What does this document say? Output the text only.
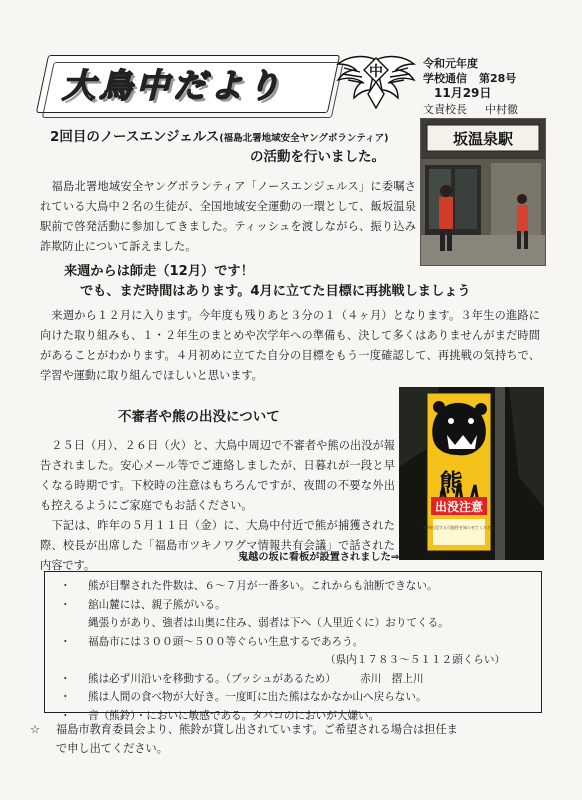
大鳥中だより	中
令和元年度
学校通信 第28号
11月29日
文責校長 中村徹
2回目のノースエンジェルス(福島北署地域安全ヤングボランティア)
の活動を行いました。
　福島北署地域安全ヤングボランティア「ノースエンジェルス」に委嘱されている大鳥中２名の生徒が、全国地域安全運動の一環として、飯坂温泉駅前で啓発活動に参加してきました。ティッシュを渡しながら、振り込み詐欺防止について訴えました。
坂温泉駅
来週からは師走（12月）です！
でも、まだ時間はあります。4月に立てた目標に再挑戦しましょう
　来週から１２月に入ります。今年度も残りあと３分の１（４ヶ月）となります。３年生の進路に向けた取り組みも、１・２年生のまとめや次学年への準備も、決して多くはありませんがまだ時間があることがわかります。４月初めに立てた自分の目標をもう一度確認して、再挑戦の気持ちで、学習や運動に取り組んでほしいと思います。
不審者や熊の出没について
　２５日（月）、２６日（火）と、大鳥中周辺で不審者や熊の出没が報告されました。安心メール等でご連絡しましたが、日暮れが一段と早くなる時期です。下校時の注意はもちろんですが、夜間の不要な外出も控えるようにご家庭でもお話ください。
　下記は、昨年の５月１１日（金）に、大鳥中付近で熊が捕獲された際、校長が出席した「福島市ツキノワグマ情報共有会議」で話された内容です。
鬼越の坂に看板が設置されました⇒
熊
出没注意
熊が出没する可能性を知らせてください
・	熊が目撃された件数は、６～７月が一番多い。これからも油断できない。
・	舘山麓には、親子熊がいる。
縄張りがあり、強者は山奥に住み、弱者は下へ（人里近くに）おりてくる。
・	福島市には３００頭～５００等ぐらい生息するであろう。
（県内１７８３～５１１２頭くらい）
・	熊は必ず川沿いを移動する。（ブッシュがあるため） 赤川　摺上川
・	熊は人間の食べ物が大好き。一度町に出た熊はなかなか山へ戻らない。
・	音（熊鈴）・においに敏感である。タバコのにおいが大嫌い。
☆ 福島市教育委員会より、熊鈴が貸し出されています。ご希望される場合は担任ま
で申し出てください。
